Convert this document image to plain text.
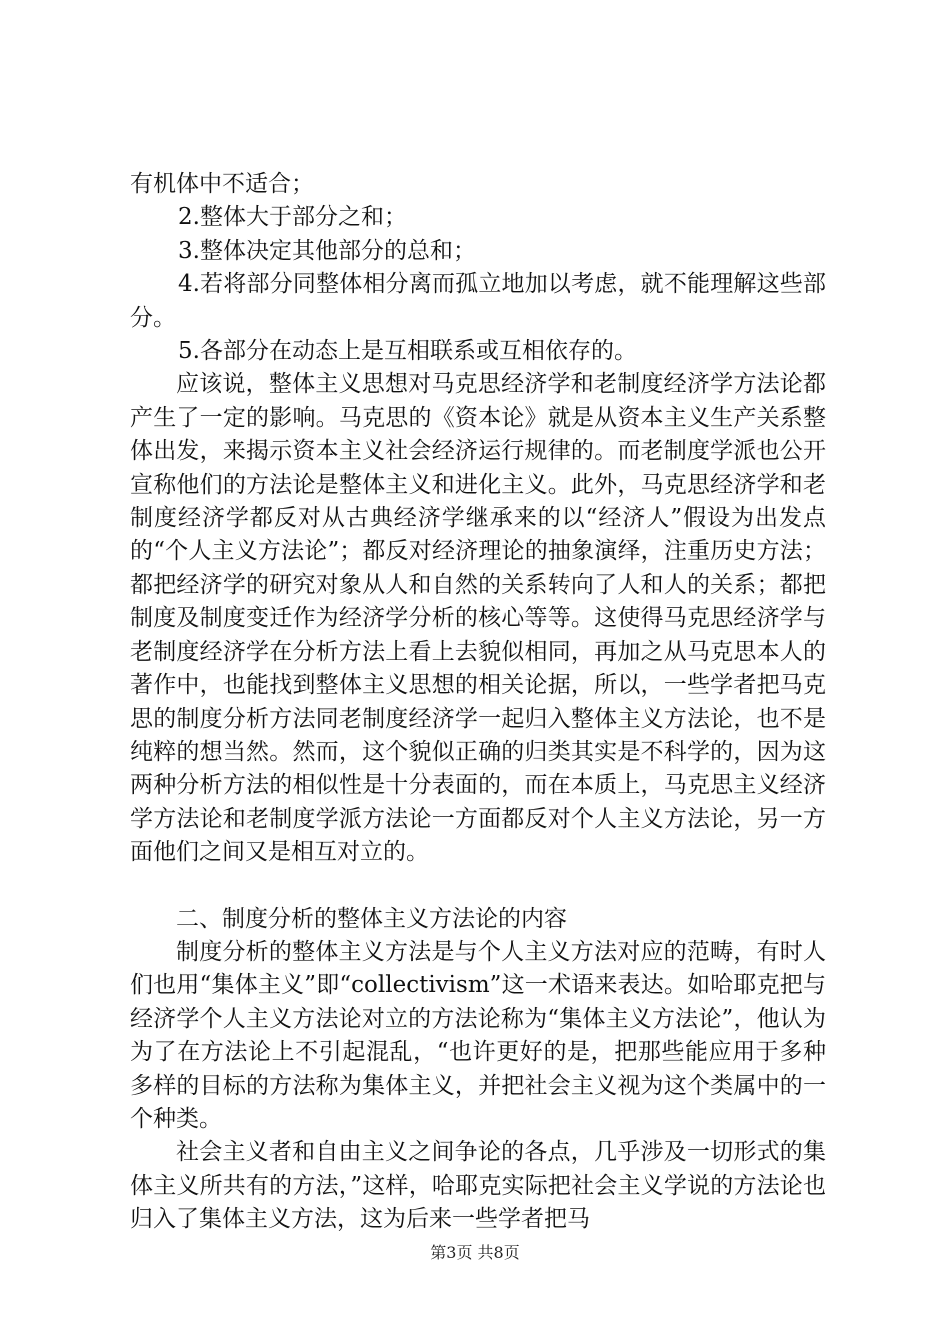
有机体中不适合；

2.整体大于部分之和；

3.整体决定其他部分的总和；

4.若将部分同整体相分离而孤立地加以考虑，就不能理解这些部分。

5.各部分在动态上是互相联系或互相依存的。

应该说，整体主义思想对马克思经济学和老制度经济学方法论都产生了一定的影响。马克思的《资本论》就是从资本主义生产关系整体出发，来揭示资本主义社会经济运行规律的。而老制度学派也公开宣称他们的方法论是整体主义和进化主义。此外，马克思经济学和老制度经济学都反对从古典经济学继承来的以“经济人”假设为出发点的“个人主义方法论”；都反对经济理论的抽象演绎，注重历史方法；都把经济学的研究对象从人和自然的关系转向了人和人的关系；都把制度及制度变迁作为经济学分析的核心等等。这使得马克思经济学与老制度经济学在分析方法上看上去貌似相同，再加之从马克思本人的著作中，也能找到整体主义思想的相关论据，所以，一些学者把马克思的制度分析方法同老制度经济学一起归入整体主义方法论，也不是纯粹的想当然。然而，这个貌似正确的归类其实是不科学的，因为这两种分析方法的相似性是十分表面的，而在本质上，马克思主义经济学方法论和老制度学派方法论一方面都反对个人主义方法论，另一方面他们之间又是相互对立的。

二、制度分析的整体主义方法论的内容

制度分析的整体主义方法是与个人主义方法对应的范畴，有时人们也用“集体主义”即“collectivism”这一术语来表达。如哈耶克把与经济学个人主义方法论对立的方法论称为“集体主义方法论”，他认为为了在方法论上不引起混乱，“也许更好的是，把那些能应用于多种多样的目标的方法称为集体主义，并把社会主义视为这个类属中的一个种类。

社会主义者和自由主义之间争论的各点，几乎涉及一切形式的集体主义所共有的方法，”这样，哈耶克实际把社会主义学说的方法论也归入了集体主义方法，这为后来一些学者把马

第3页 共8页
